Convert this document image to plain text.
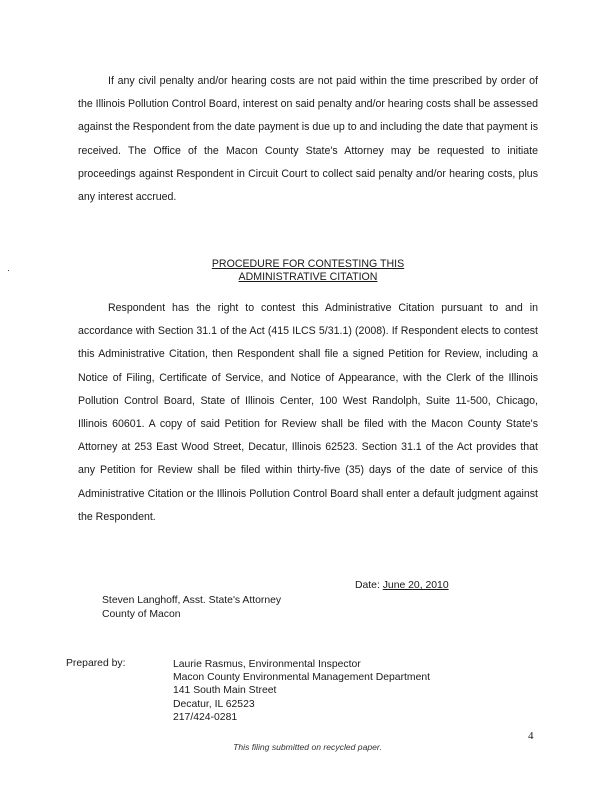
If any civil penalty and/or hearing costs are not paid within the time prescribed by order of the Illinois Pollution Control Board, interest on said penalty and/or hearing costs shall be assessed against the Respondent from the date payment is due up to and including the date that payment is received. The Office of the Macon County State's Attorney may be requested to initiate proceedings against Respondent in Circuit Court to collect said penalty and/or hearing costs, plus any interest accrued.

PROCEDURE FOR CONTESTING THIS
ADMINISTRATIVE CITATION

Respondent has the right to contest this Administrative Citation pursuant to and in accordance with Section 31.1 of the Act (415 ILCS 5/31.1) (2008). If Respondent elects to contest this Administrative Citation, then Respondent shall file a signed Petition for Review, including a Notice of Filing, Certificate of Service, and Notice of Appearance, with the Clerk of the Illinois Pollution Control Board, State of Illinois Center, 100 West Randolph, Suite 11-500, Chicago, Illinois 60601. A copy of said Petition for Review shall be filed with the Macon County State's Attorney at 253 East Wood Street, Decatur, Illinois 62523. Section 31.1 of the Act provides that any Petition for Review shall be filed within thirty-five (35) days of the date of service of this Administrative Citation or the Illinois Pollution Control Board shall enter a default judgment against the Respondent.

Date: June 20, 2010
Steven Langhoff, Asst. State's Attorney
County of Macon
Prepared by:	Laurie Rasmus, Environmental Inspector
Macon County Environmental Management Department
141 South Main Street
Decatur, IL 62523
217/424-0281
4
This filing submitted on recycled paper.
